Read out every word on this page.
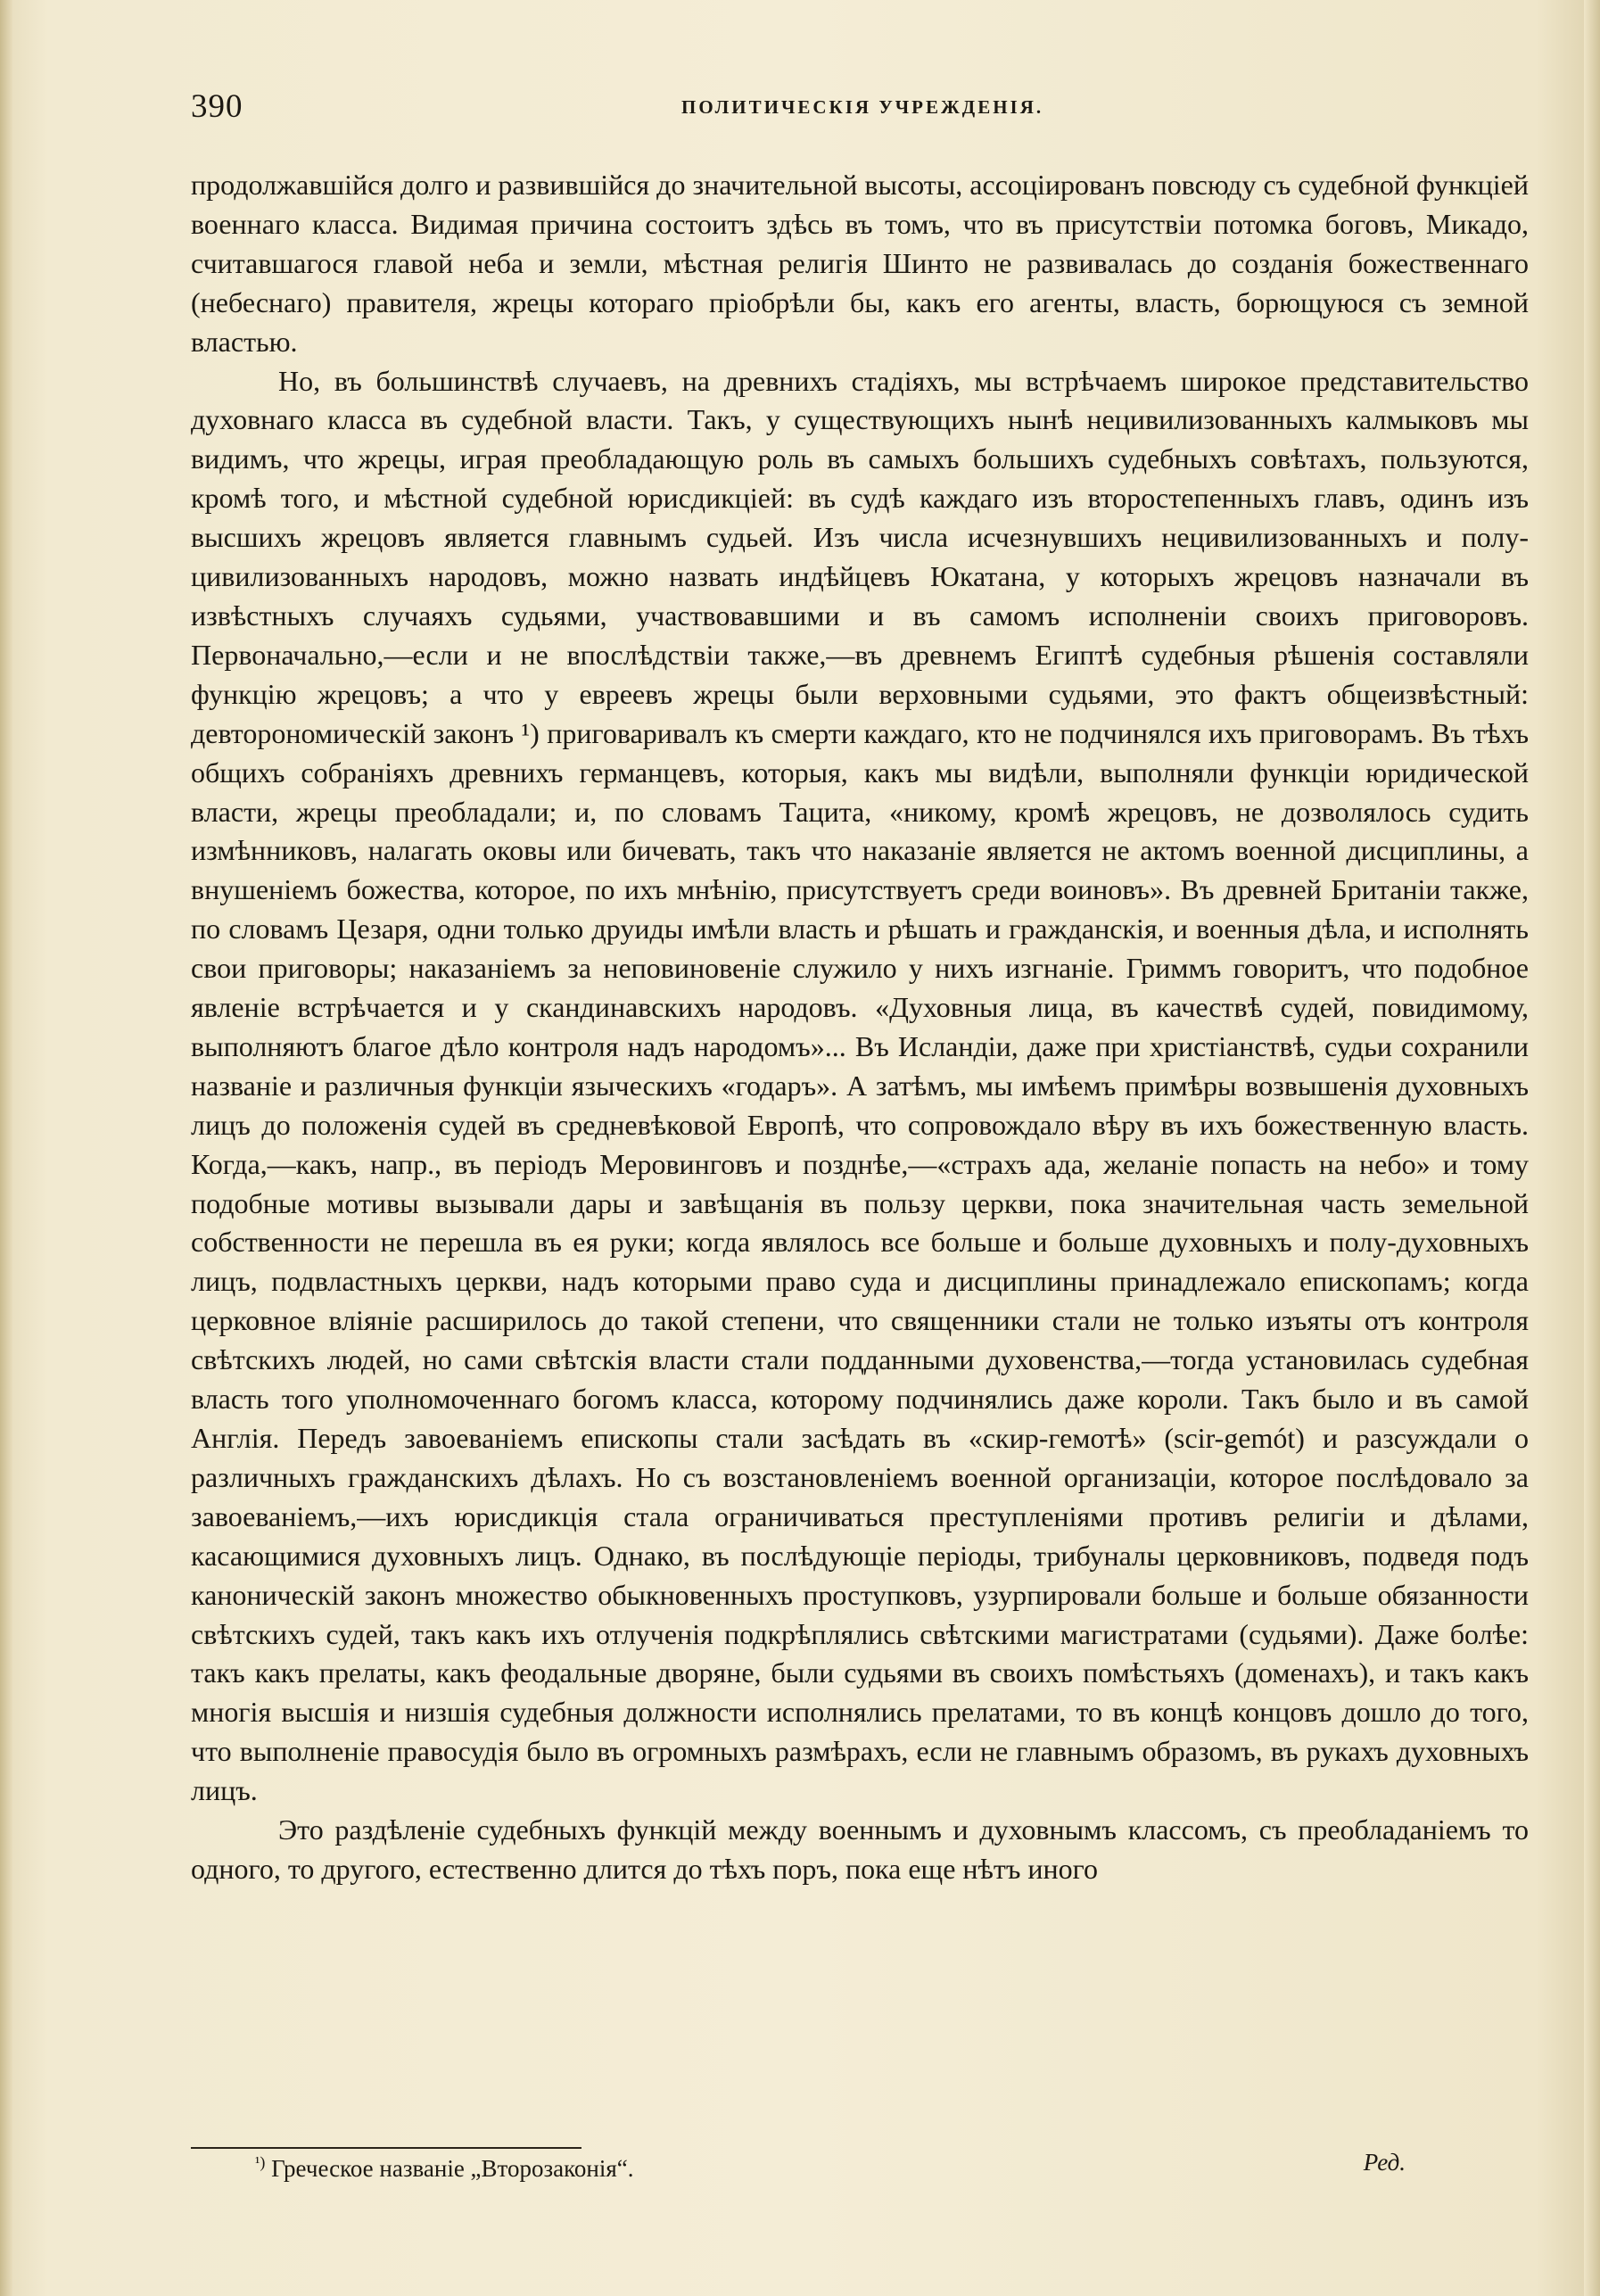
390	ПОЛИТИЧЕСКІЯ УЧРЕЖДЕНІЯ.

продолжавшійся долго и развившійся до значительной высоты, ассоціированъ повсюду съ судебной функціей военнаго класса. Видимая причина состоитъ здѣсь въ томъ, что въ присутствіи потомка боговъ, Микадо, считавшагося главой неба и земли, мѣстная религія Шинто не развивалась до созданія божественнаго (небеснаго) правителя, жрецы котораго пріобрѣли бы, какъ его агенты, власть, борющуюся съ земной властью.

Но, въ большинствѣ случаевъ, на древнихъ стадіяхъ, мы встрѣчаемъ широкое представительство духовнаго класса въ судебной власти. Такъ, у существующихъ нынѣ нецивилизованныхъ калмыковъ мы видимъ, что жрецы, играя преобладающую роль въ самыхъ большихъ судебныхъ совѣтахъ, пользуются, кромѣ того, и мѣстной судебной юрисдикціей: въ судѣ каждаго изъ второстепенныхъ главъ, одинъ изъ высшихъ жрецовъ является главнымъ судьей. Изъ числа исчезнувшихъ нецивилизованныхъ и полу-цивилизованныхъ народовъ, можно назвать индѣйцевъ Юкатана, у которыхъ жрецовъ назначали въ извѣстныхъ случаяхъ судьями, участвовавшими и въ самомъ исполненіи своихъ приговоровъ. Первоначально,—если и не впослѣдствіи также,—въ древнемъ Египтѣ судебныя рѣшенія составляли функцію жрецовъ; а что у евреевъ жрецы были верховными судьями, это фактъ общеизвѣстный: девторономическій законъ ¹) приговаривалъ къ смерти каждаго, кто не подчинялся ихъ приговорамъ. Въ тѣхъ общихъ собраніяхъ древнихъ германцевъ, которыя, какъ мы видѣли, выполняли функціи юридической власти, жрецы преобладали; и, по словамъ Тацита, «никому, кромѣ жрецовъ, не дозволялось судить измѣнниковъ, налагать оковы или бичевать, такъ что наказаніе является не актомъ военной дисциплины, а внушеніемъ божества, которое, по ихъ мнѣнію, присутствуетъ среди воиновъ». Въ древней Британіи также, по словамъ Цезаря, одни только друиды имѣли власть и рѣшать и гражданскія, и военныя дѣла, и исполнять свои приговоры; наказаніемъ за неповиновеніе служило у нихъ изгнаніе. Гриммъ говоритъ, что подобное явленіе встрѣчается и у скандинавскихъ народовъ. «Духовныя лица, въ качествѣ судей, повидимому, выполняютъ благое дѣло контроля надъ народомъ»... Въ Исландіи, даже при христіанствѣ, судьи сохранили названіе и различныя функціи языческихъ «годаръ». А затѣмъ, мы имѣемъ примѣры возвышенія духовныхъ лицъ до положенія судей въ средневѣковой Европѣ, что сопровождало вѣру въ ихъ божественную власть. Когда,—какъ, напр., въ періодъ Меровинговъ и позднѣе,—«страхъ ада, желаніе попасть на небо» и тому подобные мотивы вызывали дары и завѣщанія въ пользу церкви, пока значительная часть земельной собственности не перешла въ ея руки; когда являлось все больше и больше духовныхъ и полу-духовныхъ лицъ, подвластныхъ церкви, надъ которыми право суда и дисциплины принадлежало епископамъ; когда церковное вліяніе расширилось до такой степени, что священники стали не только изъяты отъ контроля свѣтскихъ людей, но сами свѣтскія власти стали подданными духовенства,—тогда установилась судебная власть того уполномоченнаго богомъ класса, которому подчинялись даже короли. Такъ было и въ самой Англія. Передъ завоеваніемъ епископы стали засѣдать въ «скир-гемотѣ» (scir-gemót) и разсуждали о различныхъ гражданскихъ дѣлахъ. Но съ возстановленіемъ военной организаціи, которое послѣдовало за завоеваніемъ,—ихъ юрисдикція стала ограничиваться преступленіями противъ религіи и дѣлами, касающимися духовныхъ лицъ. Однако, въ послѣдующіе періоды, трибуналы церковниковъ, подведя подъ каноническій законъ множество обыкновенныхъ проступковъ, узурпировали больше и больше обязанности свѣтскихъ судей, такъ какъ ихъ отлученія подкрѣплялись свѣтскими магистратами (судьями). Даже болѣе: такъ какъ прелаты, какъ феодальные дворяне, были судьями въ своихъ помѣстьяхъ (доменахъ), и такъ какъ многія высшія и низшія судебныя должности исполнялись прелатами, то въ концѣ концовъ дошло до того, что выполненіе правосудія было въ огромныхъ размѣрахъ, если не главнымъ образомъ, въ рукахъ духовныхъ лицъ.

Это раздѣленіе судебныхъ функцій между военнымъ и духовнымъ классомъ, съ преобладаніемъ то одного, то другого, естественно длится до тѣхъ поръ, пока еще нѣтъ иного

$^{^1)}$ Греческое названіе „Второзаконія“.	Ред.
